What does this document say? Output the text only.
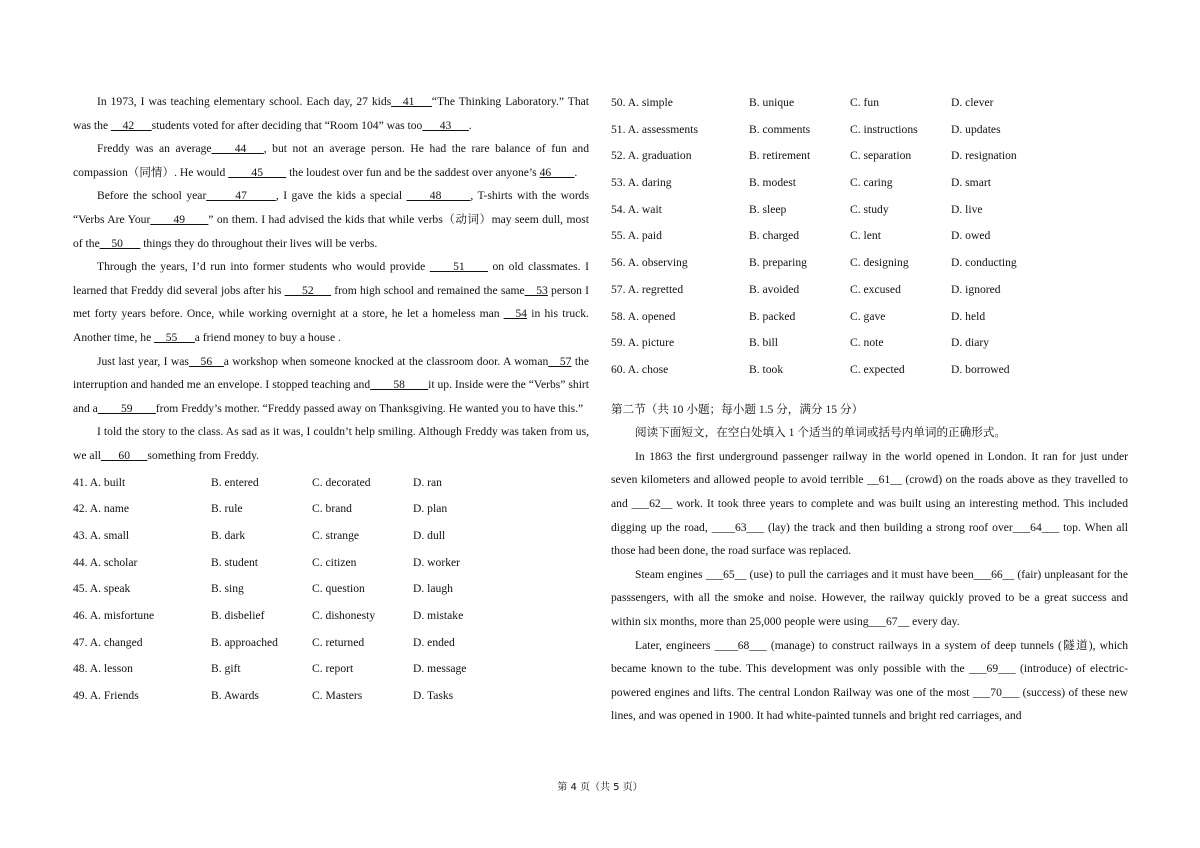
In 1973, I was teaching elementary school. Each day, 27 kids__41___“The Thinking Laboratory.” That was the __42___students voted for after deciding that “Room 104” was too___43___.

Freddy was an average____44___, but not an average person. He had the rare balance of fun and compassion（同情）. He would ____45____ the loudest over fun and be the saddest over anyone’s 46____.

Before the school year_____47_____, I gave the kids a special ____48_____, T-shirts with the words “Verbs Are Your____49____” on them. I had advised the kids that while verbs（动词）may seem dull, most of the__50___ things they do throughout their lives will be verbs.

Through the years, I’d run into former students who would provide ____51____ on old classmates. I learned that Freddy did several jobs after his ___52___ from high school and remained the same__53 person I met forty years before. Once, while working overnight at a store, he let a homeless man __54 in his truck. Another time, he __55___a friend money to buy a house .

Just last year, I was__56__a workshop when someone knocked at the classroom door. A woman__57 the interruption and handed me an envelope. I stopped teaching and____58____it up. Inside were the “Verbs” shirt and a____59____from Freddy’s mother. “Freddy passed away on Thanksgiving. He wanted you to have this.”

I told the story to the class. As sad as it was, I couldn’t help smiling. Although Freddy was taken from us, we all___60___something from Freddy.

41. A. built	B. entered	C. decorated	D. ran
42. A. name	B. rule	C. brand	D. plan
43. A. small	B. dark	C. strange	D. dull
44. A. scholar	B. student	C. citizen	D. worker
45. A. speak	B. sing	C. question	D. laugh
46. A. misfortune	B. disbelief	C. dishonesty	D. mistake
47. A. changed	B. approached	C. returned	D. ended
48. A. lesson	B. gift	C. report	D. message
49. A. Friends	B. Awards	C. Masters	D. Tasks
50. A. simple	B. unique	C. fun	D. clever
51. A. assessments	B. comments	C. instructions	D. updates
52. A. graduation	B. retirement	C. separation	D. resignation
53. A. daring	B. modest	C. caring	D. smart
54. A. wait	B. sleep	C. study	D. live
55. A. paid	B. charged	C. lent	D. owed
56. A. observing	B. preparing	C. designing	D. conducting
57. A. regretted	B. avoided	C. excused	D. ignored
58. A. opened	B. packed	C. gave	D. held
59. A. picture	B. bill	C. note	D. diary
60. A. chose	B. took	C. expected	D. borrowed

第二节（共 10 小题；每小题 1.5 分，满分 15 分）

阅读下面短文，在空白处填入 1 个适当的单词或括号内单词的正确形式。

In 1863 the first underground passenger railway in the world opened in London. It ran for just under seven kilometers and allowed people to avoid terrible __61__ (crowd) on the roads above as they travelled to and ___62__ work. It took three years to complete and was built using an interesting method. This included digging up the road, ____63___ (lay) the track and then building a strong roof over___64___ top. When all those had been done, the road surface was replaced.

Steam engines ___65__ (use) to pull the carriages and it must have been___66__ (fair) unpleasant for the passsengers, with all the smoke and noise. However, the railway quickly proved to be a great success and within six months, more than 25,000 people were using___67__ every day.

Later, engineers ____68___ (manage) to construct railways in a system of deep tunnels (隧道), which became known to the tube. This development was only possible with the ___69___ (introduce) of electric-powered engines and lifts. The central London Railway was one of the most ___70___ (success) of these new lines, and was opened in 1900. It had white-painted tunnels and bright red carriages, and

第 4 页（共 5 页）
